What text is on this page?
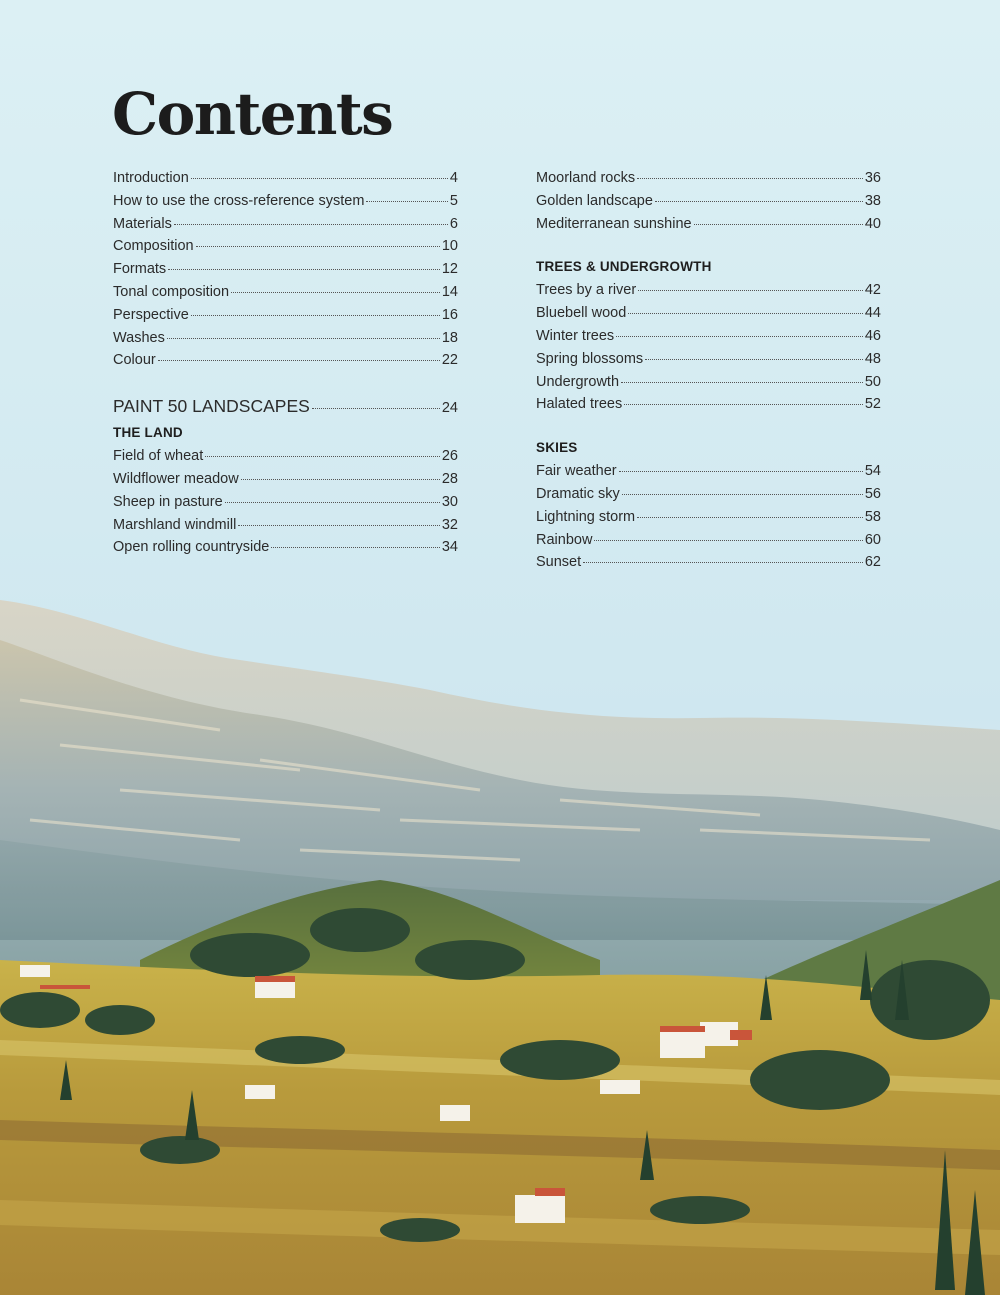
Contents
Introduction	4
How to use the cross-reference system	5
Materials	6
Composition	10
Formats	12
Tonal composition	14
Perspective	16
Washes	18
Colour	22
PAINT 50 LANDSCAPES	24
THE LAND
Field of wheat	26
Wildflower meadow	28
Sheep in pasture	30
Marshland windmill	32
Open rolling countryside	34
Moorland rocks	36
Golden landscape	38
Mediterranean sunshine	40
TREES & UNDERGROWTH
Trees by a river	42
Bluebell wood	44
Winter trees	46
Spring blossoms	48
Undergrowth	50
Halated trees	52
SKIES
Fair weather	54
Dramatic sky	56
Lightning storm	58
Rainbow	60
Sunset	62
